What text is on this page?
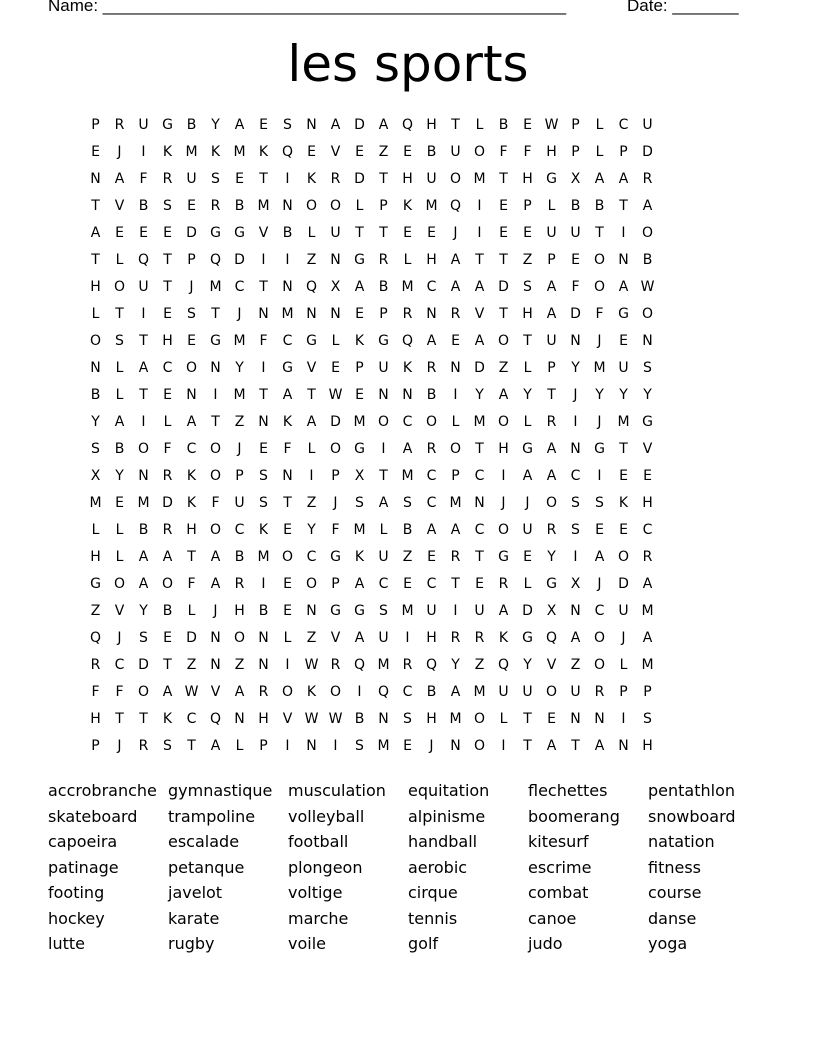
Name: _________________________________________________	Date: _______
les sports
P R U G B Y A E	S N A D A Q H T	L	B E W P	L	C U
E	J	I	K M K M K Q E V E Z E B U O F	F H P	L	P D
N A	F	R U S	E	T	I	K R D T H U O M T H G X A A R
T V B S	E R B M N O O L	P	K M Q	I	E	P	L	B B T A
A E	E	E D G G V B	L U T	T	E	E	J	I	E	E U U T	I	O
T	L Q T	P Q D	I	I	Z N G R	L H A T	T Z P	E O N B
H O U T	J	M C T N Q X A B M C A A D S A	F O A W
L	T	I	E	S	T	J	N M N N E	P R N R V T H A D F G O
O S	T H E G M F	C G L	K G Q A E A O T U N	J	E N
N L	A C O N Y	I	G V E	P U K R N D Z	L	P	Y M U S
B	L	T	E N	I	M T A T W E N N B	I	Y A Y	T	J	Y	Y	Y
Y A	I	L	A T Z N K A D M O C O L M O L	R	I	J	M G
S B O F	C O	J	E	F	L O G	I	A R O T H G A N G T V
X Y N R K O P	S N	I	P X T M C P C	I	A A C	I	E	E
M E M D K	F U S	T Z	J	S A S C M N	J	J	O S	S K H
L	L	B R H O C K E	Y	F M L	B A A C O U R S	E	E C
H L	A A T A B M O C G K U Z E R T G E	Y	I	A O R
G O A O F	A R	I	E O P A C E C T	E R	L G X	J	D A
Z V Y B	L	J	H B E N G G S M U	I	U A D X N C U M
Q	J	S	E D N O N L	Z V A U	I	H R R K G Q A O	J	A
R C D T Z N Z N	I	W R Q M R Q Y Z Q Y V Z O L M
F	F O A W V A R O K O	I	Q C B A M U U O U R P	P
H T	T	K C Q N H V W W B N S H M O L	T	E N N	I	S
P	J	R S	T A	L	P	I	N	I	S M E	J	N O	I	T A T A N H
accrobranche gymnastique musculation	equitation	flechettes	pentathlon
skateboard	trampoline	volleyball	alpinisme	boomerang	snowboard
capoeira	escalade	football	handball	kitesurf	natation
patinage	petanque	plongeon	aerobic	escrime	fitness
footing	javelot	voltige	cirque	combat	course
hockey	karate	marche	tennis	canoe	danse
lutte	rugby	voile	golf	judo	yoga
